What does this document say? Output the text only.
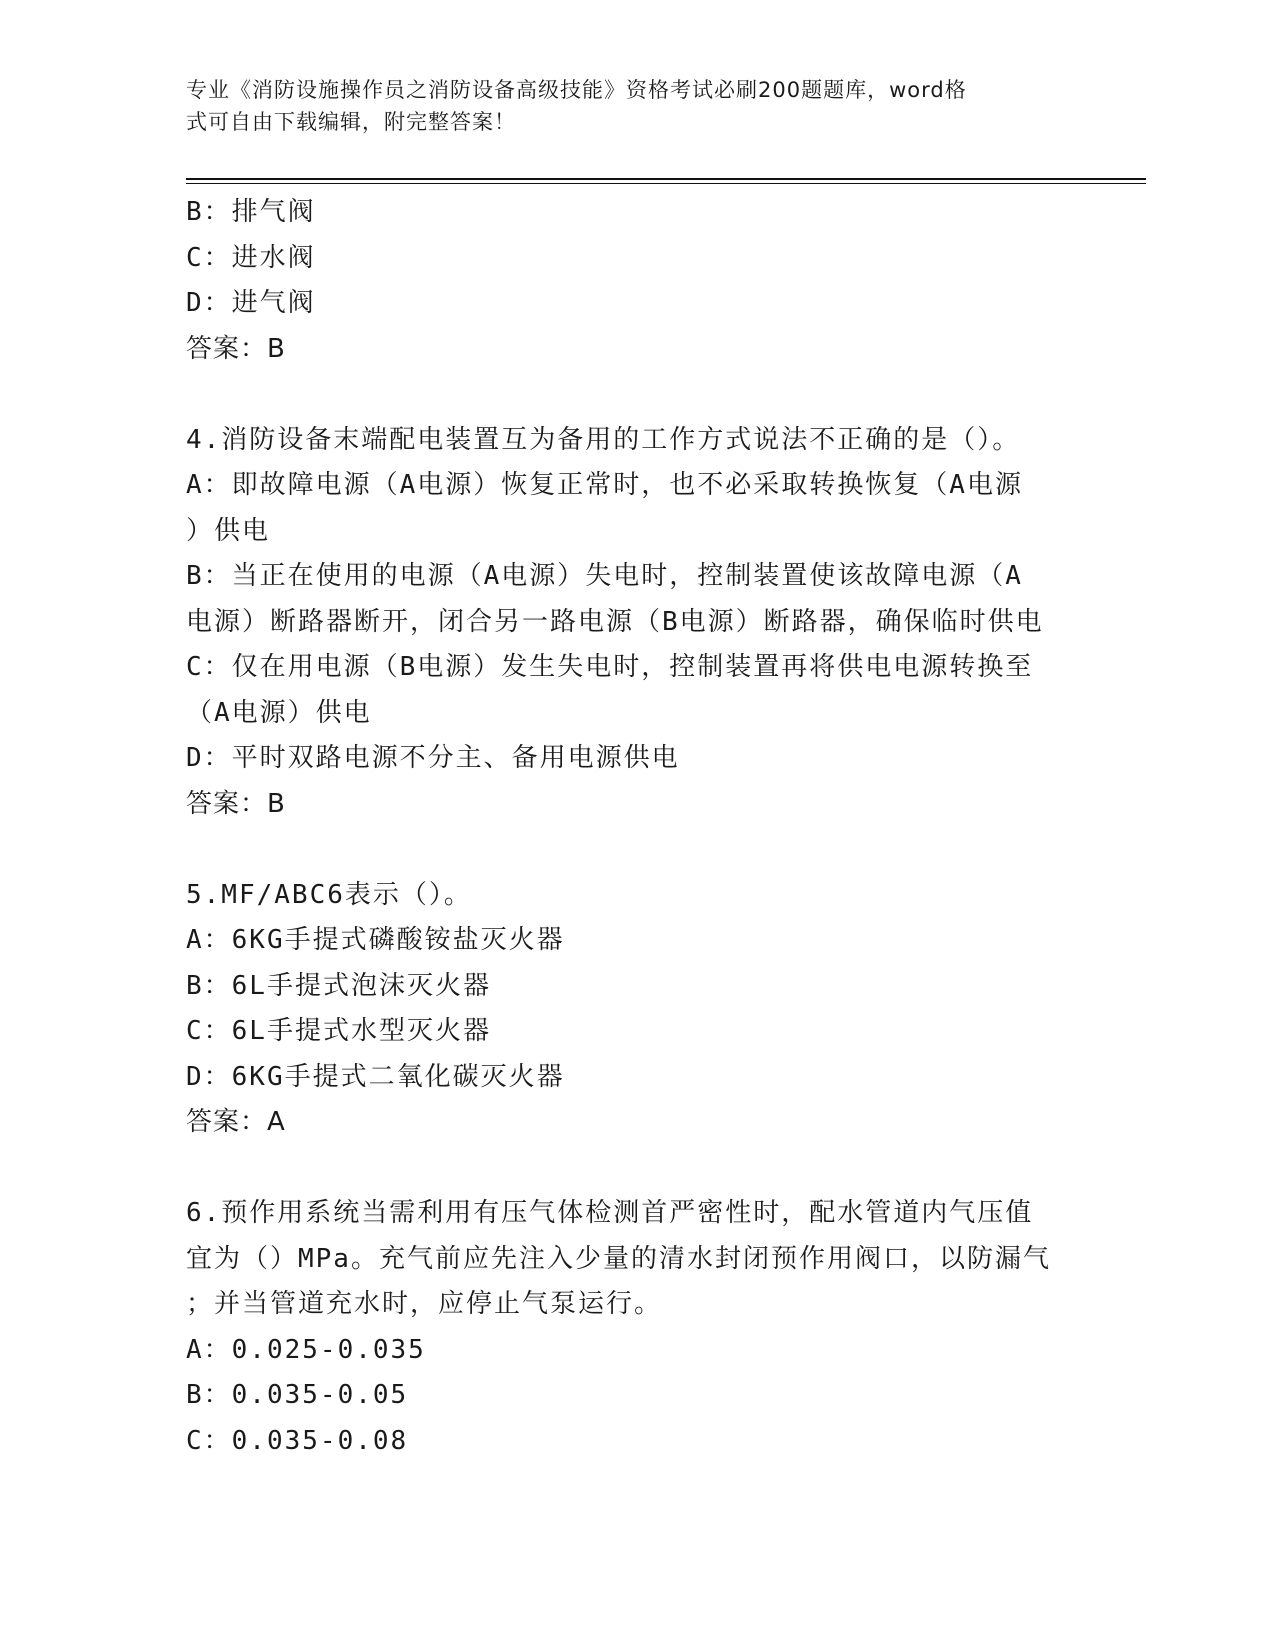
专业《消防设施操作员之消防设备高级技能》资格考试必刷200题题库，word格
式可自由下载编辑，附完整答案！
B：排气阀
C：进水阀
D：进气阀
答案：B
4.消防设备末端配电装置互为备用的工作方式说法不正确的是（）。
A：即故障电源（A电源）恢复正常时，也不必采取转换恢复（A电源
）供电
B：当正在使用的电源（A电源）失电时，控制装置使该故障电源（A
电源）断路器断开，闭合另一路电源（B电源）断路器，确保临时供电
C：仅在用电源（B电源）发生失电时，控制装置再将供电电源转换至
（A电源）供电
D：平时双路电源不分主、备用电源供电
答案：B
5.MF/ABC6表示（）。
A：6KG手提式磷酸铵盐灭火器
B：6L手提式泡沫灭火器
C：6L手提式水型灭火器
D：6KG手提式二氧化碳灭火器
答案：A
6.预作用系统当需利用有压气体检测首严密性时，配水管道内气压值
宜为（）MPa。充气前应先注入少量的清水封闭预作用阀口，以防漏气
；并当管道充水时，应停止气泵运行。
A：0.025-0.035
B：0.035-0.05
C：0.035-0.08
